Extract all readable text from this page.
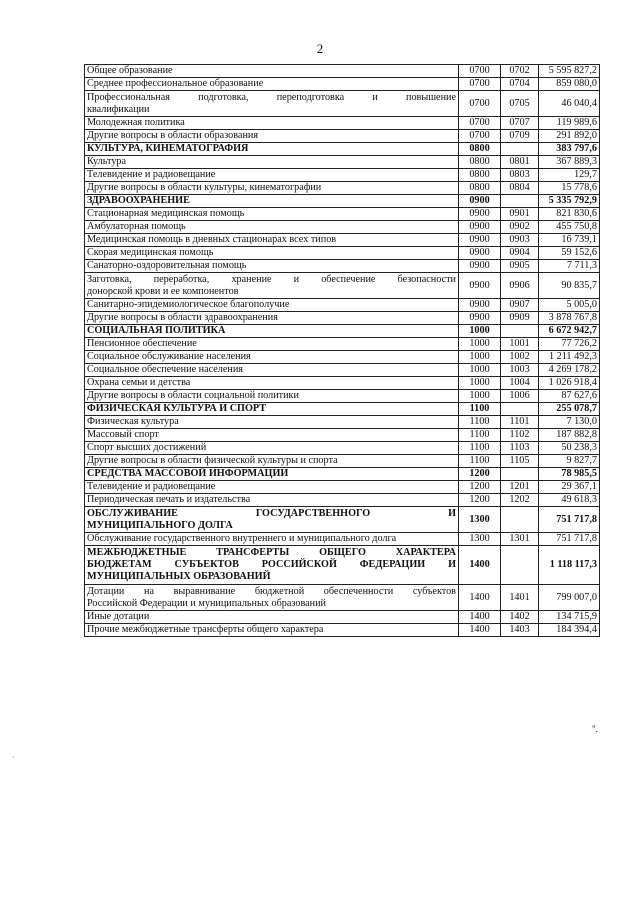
2
Общее образование	0700	0702	5 595 827,2

Среднее профессиональное образование	0700	0704	859 080,0

Профессиональная подготовка, переподготовка и повышение
квалификации	0700	0705	46 040,4

Молодежная политика	0700	0707	119 989,6

Другие вопросы в области образования	0700	0709	291 892,0

КУЛЬТУРА, КИНЕМАТОГРАФИЯ	0800		383 797,6

Культура	0800	0801	367 889,3

Телевидение и радиовещание	0800	0803	129,7

Другие вопросы в области культуры, кинематографии	0800	0804	15 778,6

ЗДРАВООХРАНЕНИЕ	0900		5 335 792,9

Стационарная медицинская помощь	0900	0901	821 830,6

Амбулаторная помощь	0900	0902	455 750,8

Медицинская помощь в дневных стационарах всех типов	0900	0903	16 739,1

Скорая медицинская помощь	0900	0904	59 152,6

Санаторно-оздоровительная помощь	0900	0905	7 711,3

Заготовка, переработка, хранение и обеспечение безопасности
донорской крови и ее компонентов	0900	0906	90 835,7

Санитарно-эпидемиологическое благополучие	0900	0907	5 005,0

Другие вопросы в области здравоохранения	0900	0909	3 878 767,8

СОЦИАЛЬНАЯ ПОЛИТИКА	1000		6 672 942,7

Пенсионное обеспечение	1000	1001	77 726,2

Социальное обслуживание населения	1000	1002	1 211 492,3

Социальное обеспечение населения	1000	1003	4 269 178,2

Охрана семьи и детства	1000	1004	1 026 918,4

Другие вопросы в области социальной политики	1000	1006	87 627,6

ФИЗИЧЕСКАЯ КУЛЬТУРА И СПОРТ	1100		255 078,7

Физическая культура	1100	1101	7 130,0

Массовый спорт	1100	1102	187 882,8

Спорт высших достижений	1100	1103	50 238,3

Другие вопросы в области физической культуры и спорта	1100	1105	9 827,7

СРЕДСТВА МАССОВОЙ ИНФОРМАЦИИ	1200		78 985,5

Телевидение и радиовещание	1200	1201	29 367,1

Периодическая печать и издательства	1200	1202	49 618,3

ОБСЛУЖИВАНИЕ ГОСУДАРСТВЕННОГО И
МУНИЦИПАЛЬНОГО ДОЛГА	1300		751 717,8

Обслуживание государственного внутреннего и муниципального долга	1300	1301	751 717,8

МЕЖБЮДЖЕТНЫЕ ТРАНСФЕРТЫ ОБЩЕГО ХАРАКТЕРА
БЮДЖЕТАМ СУБЪЕКТОВ РОССИЙСКОЙ ФЕДЕРАЦИИ И
МУНИЦИПАЛЬНЫХ ОБРАЗОВАНИЙ	1400		1 118 117,3

Дотации на выравнивание бюджетной обеспеченности субъектов
Российской Федерации и муниципальных образований	1400	1401	799 007,0

Иные дотации	1400	1402	134 715,9

Прочие межбюджетные трансферты общего характера	1400	1403	184 394,4
".
·
